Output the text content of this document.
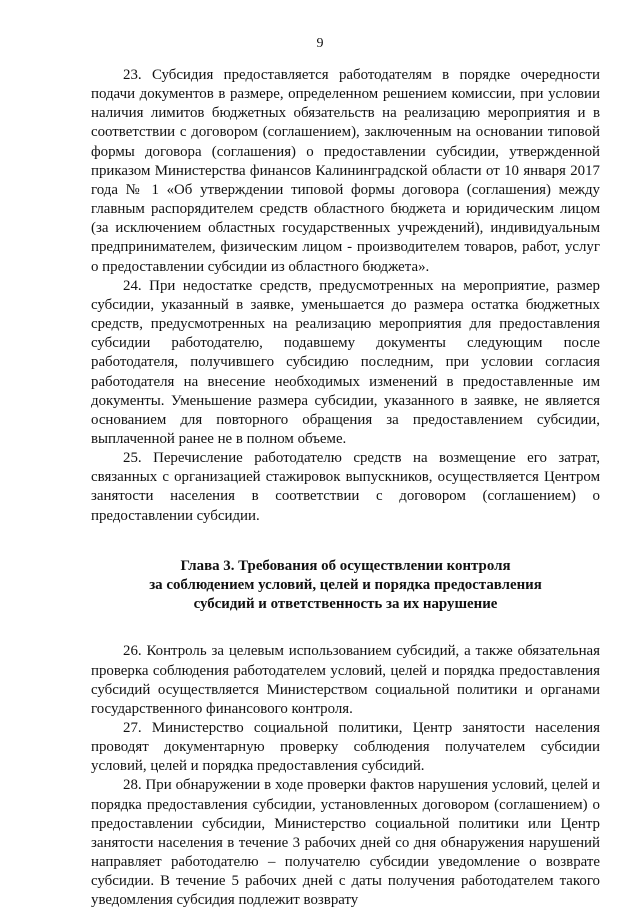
9

23. Субсидия предоставляется работодателям в порядке очередности подачи документов в размере, определенном решением комиссии, при условии наличия лимитов бюджетных обязательств на реализацию мероприятия и в соответствии с договором (соглашением), заключенным на основании типовой формы договора (соглашения) о предоставлении субсидии, утвержденной приказом Министерства финансов Калининградской области от 10 января 2017 года № 1 «Об утверждении типовой формы договора (соглашения) между главным распорядителем средств областного бюджета и юридическим лицом (за исключением областных государственных учреждений), индивидуальным предпринимателем, физическим лицом - производителем товаров, работ, услуг о предоставлении субсидии из областного бюджета».

24. При недостатке средств, предусмотренных на мероприятие, размер субсидии, указанный в заявке, уменьшается до размера остатка бюджетных средств, предусмотренных на реализацию мероприятия для предоставления субсидии работодателю, подавшему документы следующим после работодателя, получившего субсидию последним, при условии согласия работодателя на внесение необходимых изменений в предоставленные им документы. Уменьшение размера субсидии, указанного в заявке, не является основанием для повторного обращения за предоставлением субсидии, выплаченной ранее не в полном объеме.

25. Перечисление работодателю средств на возмещение его затрат, связанных с организацией стажировок выпускников, осуществляется Центром занятости населения в соответствии с договором (соглашением) о предоставлении субсидии.

Глава 3. Требования об осуществлении контроля
за соблюдением условий, целей и порядка предоставления
субсидий и ответственность за их нарушение

26. Контроль за целевым использованием субсидий, а также обязательная проверка соблюдения работодателем условий, целей и порядка предоставления субсидий осуществляется Министерством социальной политики и органами государственного финансового контроля.

27. Министерство социальной политики, Центр занятости населения проводят документарную проверку соблюдения получателем субсидии условий, целей и порядка предоставления субсидий.

28. При обнаружении в ходе проверки фактов нарушения условий, целей и порядка предоставления субсидии, установленных договором (соглашением) о предоставлении субсидии, Министерство социальной политики или Центр занятости населения в течение 3 рабочих дней со дня обнаружения нарушений направляет работодателю – получателю субсидии уведомление о возврате субсидии. В течение 5 рабочих дней с даты получения работодателем такого уведомления субсидия подлежит возврату
